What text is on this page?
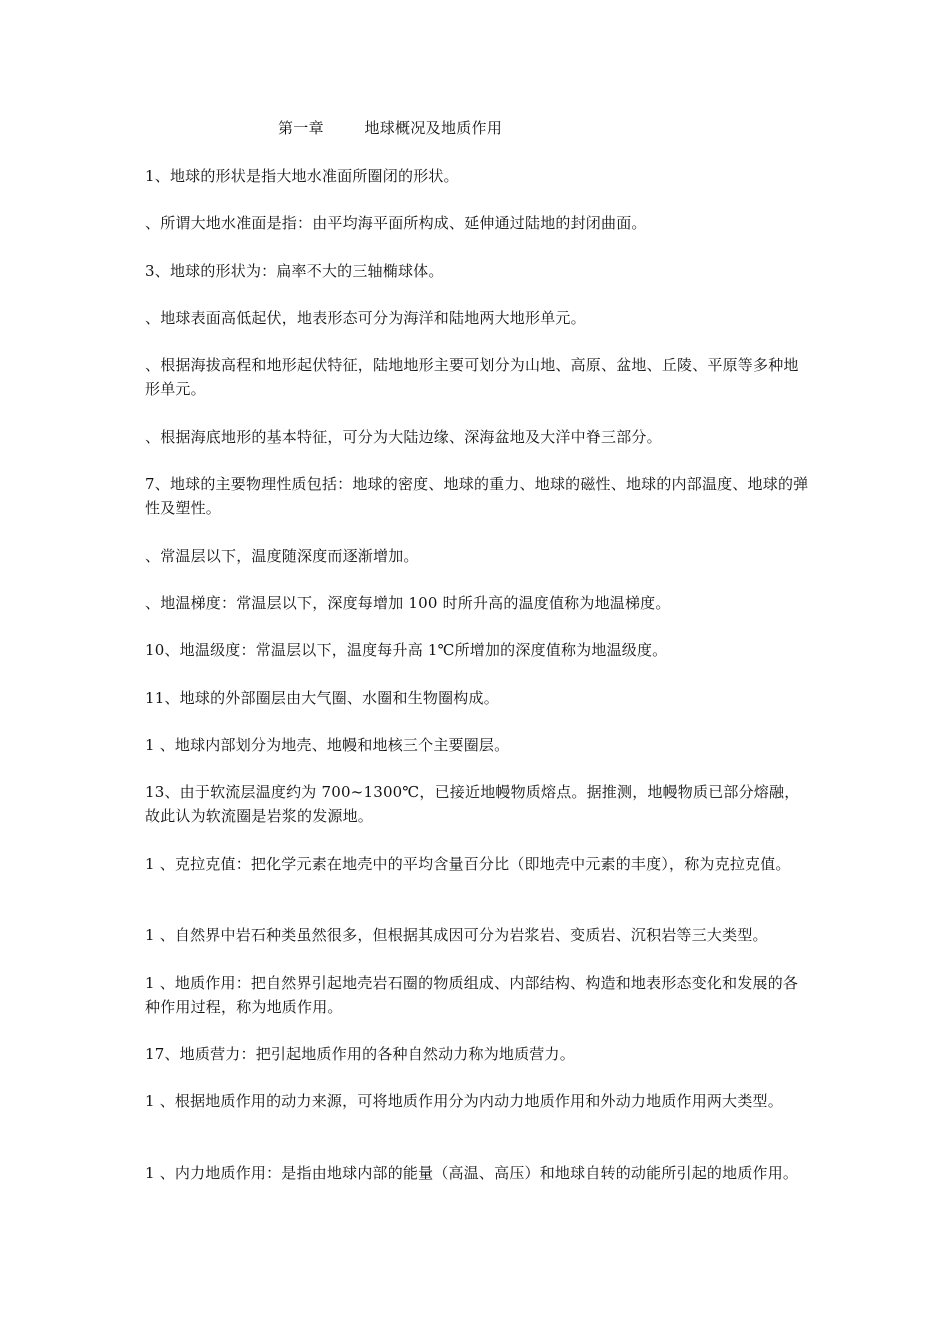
第一章        地球概况及地质作用

1、地球的形状是指大地水准面所圈闭的形状。

、所谓大地水准面是指：由平均海平面所构成、延伸通过陆地的封闭曲面。

3、地球的形状为：扁率不大的三轴椭球体。

、地球表面高低起伏，地表形态可分为海洋和陆地两大地形单元。

、根据海拔高程和地形起伏特征，陆地地形主要可划分为山地、高原、盆地、丘陵、平原等多种地形单元。

、根据海底地形的基本特征，可分为大陆边缘、深海盆地及大洋中脊三部分。

7、地球的主要物理性质包括：地球的密度、地球的重力、地球的磁性、地球的内部温度、地球的弹性及塑性。

、常温层以下，温度随深度而逐渐增加。

、地温梯度：常温层以下，深度每增加 100 时所升高的温度值称为地温梯度。

10、地温级度：常温层以下，温度每升高 1℃所增加的深度值称为地温级度。

11、地球的外部圈层由大气圈、水圈和生物圈构成。

1 、地球内部划分为地壳、地幔和地核三个主要圈层。

13、由于软流层温度约为 700~1300℃，已接近地幔物质熔点。据推测，地幔物质已部分熔融，故此认为软流圈是岩浆的发源地。

1 、克拉克值：把化学元素在地壳中的平均含量百分比（即地壳中元素的丰度），称为克拉克值。

1 、自然界中岩石种类虽然很多，但根据其成因可分为岩浆岩、变质岩、沉积岩等三大类型。

1 、地质作用：把自然界引起地壳岩石圈的物质组成、内部结构、构造和地表形态变化和发展的各种作用过程，称为地质作用。

17、地质营力：把引起地质作用的各种自然动力称为地质营力。

1 、根据地质作用的动力来源，可将地质作用分为内动力地质作用和外动力地质作用两大类型。

1 、内力地质作用：是指由地球内部的能量（高温、高压）和地球自转的动能所引起的地质作用。
